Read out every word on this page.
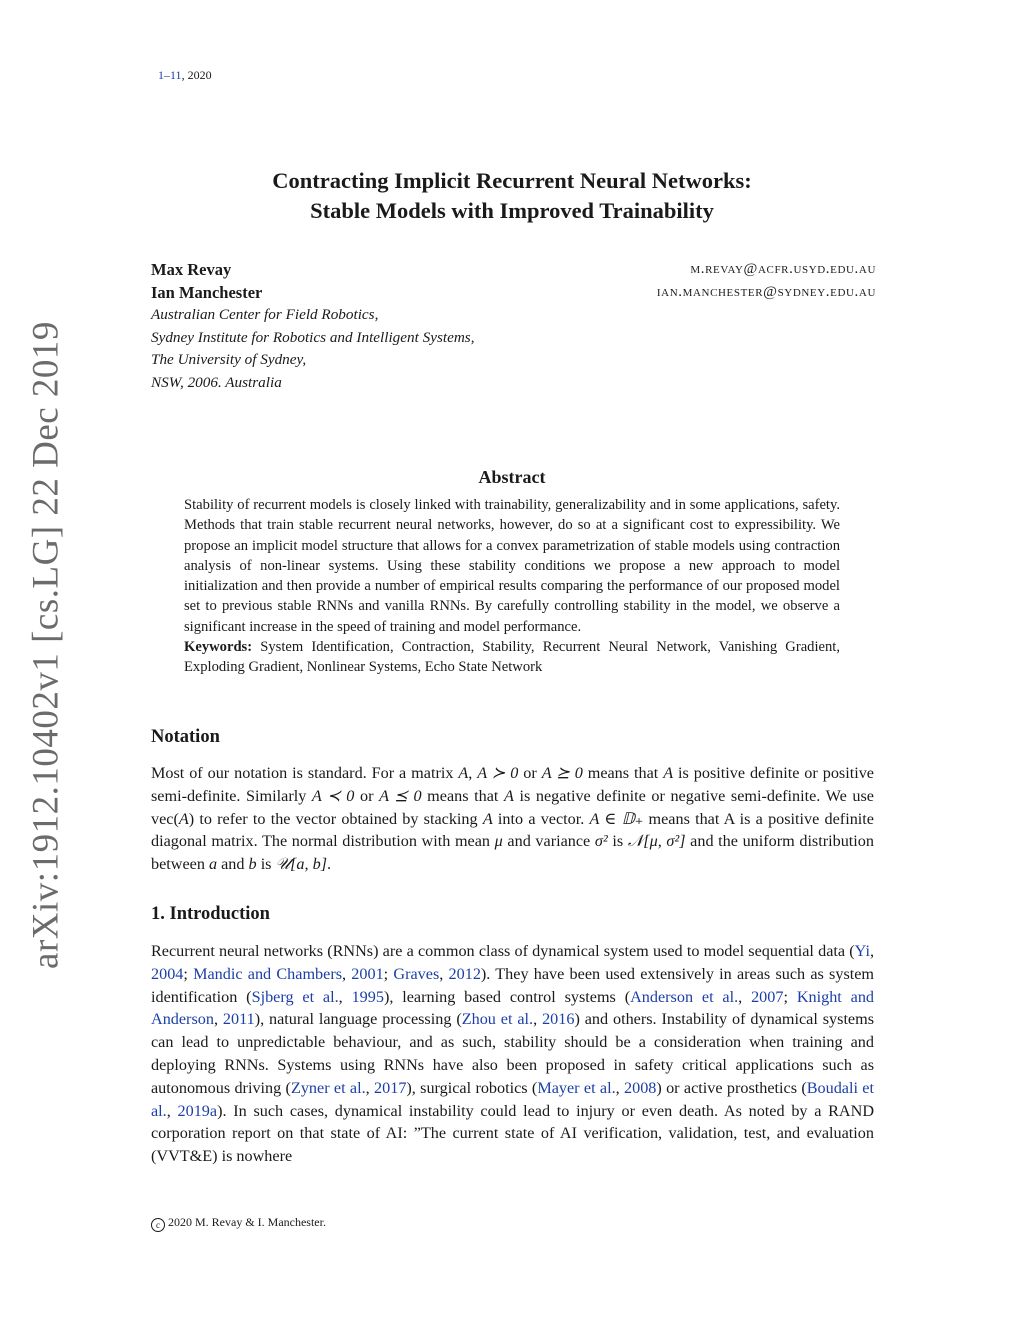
1–11, 2020
arXiv:1912.10402v1 [cs.LG] 22 Dec 2019
Contracting Implicit Recurrent Neural Networks:
Stable Models with Improved Trainability
Max Revay	m.revay@acfr.usyd.edu.au
Ian Manchester	ian.manchester@sydney.edu.au
Australian Center for Field Robotics,
Sydney Institute for Robotics and Intelligent Systems,
The University of Sydney,
NSW, 2006. Australia
Abstract

Stability of recurrent models is closely linked with trainability, generalizability and in some applications, safety. Methods that train stable recurrent neural networks, however, do so at a significant cost to expressibility. We propose an implicit model structure that allows for a convex parametrization of stable models using contraction analysis of non-linear systems. Using these stability conditions we propose a new approach to model initialization and then provide a number of empirical results comparing the performance of our proposed model set to previous stable RNNs and vanilla RNNs. By carefully controlling stability in the model, we observe a significant increase in the speed of training and model performance.

Keywords: System Identification, Contraction, Stability, Recurrent Neural Network, Vanishing Gradient, Exploding Gradient, Nonlinear Systems, Echo State Network

Notation

Most of our notation is standard. For a matrix A, A ≻ 0 or A ⪰ 0 means that A is positive definite or positive semi-definite. Similarly A ≺ 0 or A ⪯ 0 means that A is negative definite or negative semi-definite. We use vec(A) to refer to the vector obtained by stacking A into a vector. A ∈ 𝔻₊ means that A is a positive definite diagonal matrix. The normal distribution with mean μ and variance σ² is 𝒩[μ, σ²] and the uniform distribution between a and b is 𝒰[a, b].

1. Introduction

Recurrent neural networks (RNNs) are a common class of dynamical system used to model sequential data (Yi, 2004; Mandic and Chambers, 2001; Graves, 2012). They have been used extensively in areas such as system identification (Sjberg et al., 1995), learning based control systems (Anderson et al., 2007; Knight and Anderson, 2011), natural language processing (Zhou et al., 2016) and others. Instability of dynamical systems can lead to unpredictable behaviour, and as such, stability should be a consideration when training and deploying RNNs. Systems using RNNs have also been proposed in safety critical applications such as autonomous driving (Zyner et al., 2017), surgical robotics (Mayer et al., 2008) or active prosthetics (Boudali et al., 2019a). In such cases, dynamical instability could lead to injury or even death. As noted by a RAND corporation report on that state of AI: ”The current state of AI verification, validation, test, and evaluation (VVT&E) is nowhere

c 2020 M. Revay & I. Manchester.
